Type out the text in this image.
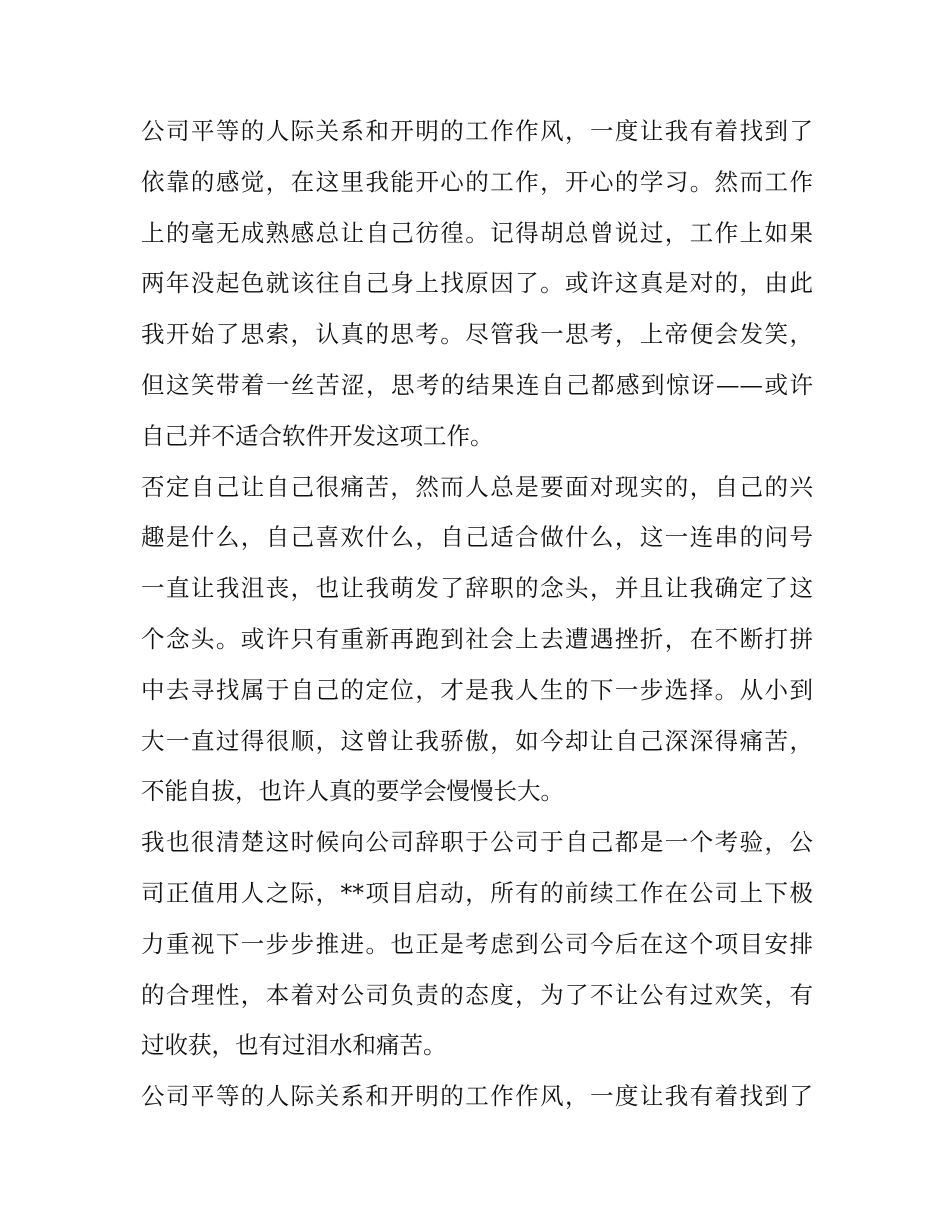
公司平等的人际关系和开明的工作作风，一度让我有着找到了
依靠的感觉，在这里我能开心的工作，开心的学习。然而工作
上的毫无成熟感总让自己彷徨。记得胡总曾说过，工作上如果
两年没起色就该往自己身上找原因了。或许这真是对的，由此
我开始了思索，认真的思考。尽管我一思考，上帝便会发笑，
但这笑带着一丝苦涩，思考的结果连自己都感到惊讶——或许
自己并不适合软件开发这项工作。
否定自己让自己很痛苦，然而人总是要面对现实的，自己的兴
趣是什么，自己喜欢什么，自己适合做什么，这一连串的问号
一直让我沮丧，也让我萌发了辞职的念头，并且让我确定了这
个念头。或许只有重新再跑到社会上去遭遇挫折，在不断打拼
中去寻找属于自己的定位，才是我人生的下一步选择。从小到
大一直过得很顺，这曾让我骄傲，如今却让自己深深得痛苦，
不能自拔，也许人真的要学会慢慢长大。
我也很清楚这时候向公司辞职于公司于自己都是一个考验，公
司正值用人之际，**项目启动，所有的前续工作在公司上下极
力重视下一步步推进。也正是考虑到公司今后在这个项目安排
的合理性，本着对公司负责的态度，为了不让公有过欢笑，有
过收获，也有过泪水和痛苦。
公司平等的人际关系和开明的工作作风，一度让我有着找到了
